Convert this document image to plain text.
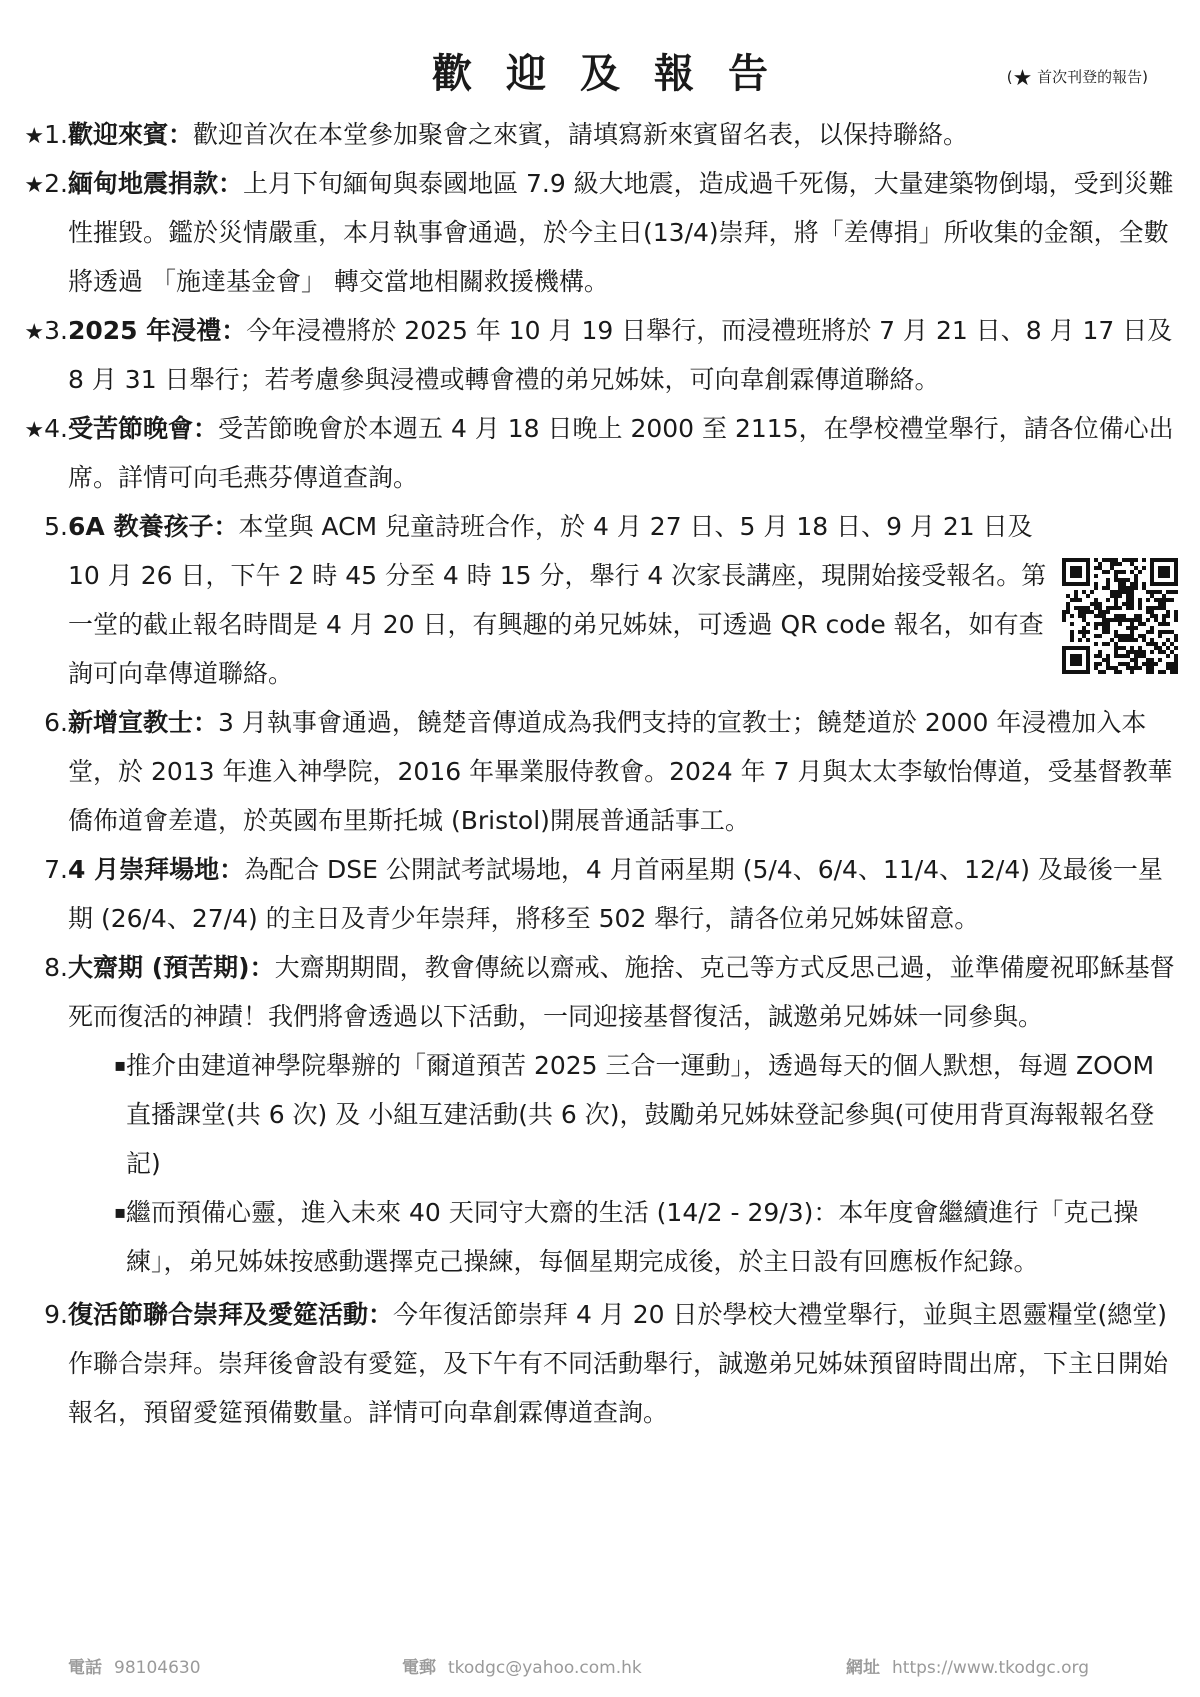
歡迎及報告	(★ 首次刊登的報告)
★1. 歡迎來賓：歡迎首次在本堂參加聚會之來賓，請填寫新來賓留名表，以保持聯絡。
★2. 緬甸地震捐款：上月下旬緬甸與泰國地區 7.9 級大地震，造成過千死傷，大量建築物倒塌，受到災難性摧毀。鑑於災情嚴重，本月執事會通過，於今主日(13/4)崇拜，將「差傳捐」所收集的金額，全數將透過 「施達基金會」 轉交當地相關救援機構。
★3. 2025 年浸禮：今年浸禮將於 2025 年 10 月 19 日舉行，而浸禮班將於 7 月 21 日、8 月 17 日及 8 月 31 日舉行；若考慮參與浸禮或轉會禮的弟兄姊妹，可向韋創霖傳道聯絡。
★4. 受苦節晚會：受苦節晚會於本週五 4 月 18 日晚上 2000 至 2115，在學校禮堂舉行，請各位備心出席。詳情可向毛燕芬傳道查詢。
5. 6A 教養孩子：本堂與 ACM 兒童詩班合作，於 4 月 27 日、5 月 18 日、9 月 21 日及 10 月 26 日，下午 2 時 45 分至 4 時 15 分，舉行 4 次家長講座，現開始接受報名。第一堂的截止報名時間是 4 月 20 日，有興趣的弟兄姊妹，可透過 QR code 報名，如有查詢可向韋傳道聯絡。
6. 新增宣教士：3 月執事會通過，饒楚音傳道成為我們支持的宣教士；饒楚道於 2000 年浸禮加入本堂，於 2013 年進入神學院，2016 年畢業服侍教會。2024 年 7 月與太太李敏怡傳道，受基督教華僑佈道會差遣，於英國布里斯托城 (Bristol)開展普通話事工。
7. 4 月崇拜場地：為配合 DSE 公開試考試場地，4 月首兩星期 (5/4、6/4、11/4、12/4) 及最後一星期 (26/4、27/4) 的主日及青少年崇拜，將移至 502 舉行，請各位弟兄姊妹留意。
8. 大齋期 (預苦期)：大齋期期間，教會傳統以齋戒、施捨、克己等方式反思己過，並準備慶祝耶穌基督死而復活的神蹟！我們將會透過以下活動，一同迎接基督復活，誠邀弟兄姊妹一同參與。
▪ 推介由建道神學院舉辦的「爾道預苦 2025 三合一運動」，透過每天的個人默想，每週 ZOOM 直播課堂(共 6 次) 及 小組互建活動(共 6 次)，鼓勵弟兄姊妹登記參與(可使用背頁海報報名登記)
▪ 繼而預備心靈，進入未來 40 天同守大齋的生活 (14/2 - 29/3)：本年度會繼續進行「克己操練」，弟兄姊妹按感動選擇克己操練，每個星期完成後，於主日設有回應板作紀錄。
9. 復活節聯合崇拜及愛筵活動：今年復活節崇拜 4 月 20 日於學校大禮堂舉行，並與主恩靈糧堂(總堂)作聯合崇拜。崇拜後會設有愛筵，及下午有不同活動舉行，誠邀弟兄姊妹預留時間出席，下主日開始報名，預留愛筵預備數量。詳情可向韋創霖傳道查詢。
電話 98104630	電郵 tkodgc@yahoo.com.hk	網址 https://www.tkodgc.org
